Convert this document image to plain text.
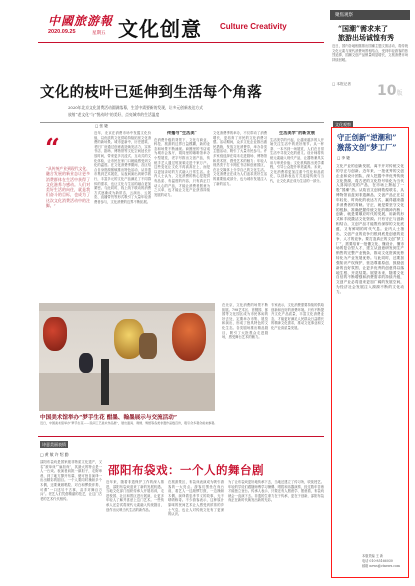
中國旅游報
2020.09.25	星期五 文化创意 Culture Creativity
文化的枝叶已延伸到生活每个角落
2020年北京文化消费活动圆满落幕，生活中需要新的发现，让多元创新表达方式
放射“老文化”与“悦动时”的美好，点亮城市的生活温度
□ 张 婕
“
“从传统产业到现代文化，融合发展的新业态让更多消费群体在生活中获得了文化滋养与感动。人们对美好生活的向往，就是我们奋斗的目标，也成为了这次文化消费活动中的注脚。”
近年，北京在消费市场中发掘文化价值，以优质的文化供给持续拓宽文化消费的新场景。城市更新中，历史建筑、老旧厂房通过创意改造焕发活力，实体书店、剧场、博物馆等文化空间延长开放时间，带来更多沉浸式、互动式的文化体验，让市民在家门口就能感受到文化的温度。在文化消费季期间，各区结合自身资源禀赋推出特色活动，从非遗市集到艺术展览，从夜间演出到研学旅行，丰富多元的文化产品满足了不同群体的需求，也让文化与生活的融合更加紧密。与此同时，线上线下联动的消费方式逐渐成为新常态，云演出、云展览、直播带货等形式吸引了大量年轻消费者参与，文化消费的边界不断拓展。
传播与“生活美”
在消费升级的背景下，文化与商业、科技、旅游的边界日益模糊，新的业态和场景不断涌现。商圈里的书店成为城市会客厅，胡同里的咖啡馆举办小型展览，老字号推出文创产品，传统手艺人通过短视频走进千家万户。这些变化让文化不再高高在上，而是以更加亲切的方式融入日常生活。业内人士认为，文化消费的核心是提供有品质、有温度的内容，只有真正打动人心的产品，才能让消费者愿意为之买单，也才能让文化产业获得持续发展的动力。
文化消费季的举办，不仅带动了消费增长，更培育了市民的文化消费习惯。活动期间，众多文化企业推出惠民措施，发放文化消费券，举办各类主题活动，吸引了大量市民参与。许多家庭选择在周末走进剧场、博物馆和美术馆，感受艺术的魅力；年轻人则热衷于打卡网红书店和创意园区，在社交媒体上分享自己的文化生活。文化消费正在成为人们追求美好生活的重要组成部分，也为城市发展注入了新的活力。
生活美学”的新发展
生活美学的兴起，让越来越多的人开始关注生活中的美好细节。从一杯茶、一本书到一场展览，人们在日常生活中寻找文化的意义。设计师将传统元素融入现代产品，让器物兼具实用与审美价值；文化机构推出美学课程，引导公众提升审美素养。未来，文化消费将更加注重个性化和品质化，以创新表达方式连接传统与当代，让文化真正成为生活的一部分。
中国美术馆举办“梦手生花 酣墨、翰墨展示与交流活动”
近日，中国美术馆举办“梦手生花——民间工艺美术作品展”，展出面具、刺绣、剪纸等各类非遗作品数百件，吸引众多观众前来参观。
在北京，文化消费的场景不断拓展。798艺术区、首钢园、郎园等文化园区成为市民休闲的好去处，定期举办市集、展览和演出，形成了独具特色的文化生态。各类剧场推出精品剧目，吸引了大批观众走进剧场，感受舞台艺术的魅力。
专家表示，文化消费需要持续的供给创新和良好的消费环境。只有不断提升文化产品质量，丰富文化消费业态，才能更好满足人民群众日益增长的精神文化需求，推动文化事业和文化产业高质量发展。
诗意美丽表情
□ 黄 敏 许 绍 勤
邵阳布袋戏：一个人的舞台剧
邵阳布袋戏是国家级非物质文化遗产，又名“被单戏”“扁担戏”，其最大的特点是一人一台戏。表演者肩挑一副担子，走街串巷，到了地方撑开布幕，便可独自演绎一出出精彩的剧目。一个人要同时操纵多个木偶，还要兼顾唱腔、对白和锣鼓伴奏，可谓“一口述尽千古事，双手对舞百万兵”。老艺人们凭借精湛的技艺，让这门古老的艺术代代相传。
近年来，随着非遗保护工作的深入推进，邵阳布袋戏迎来了新的发展机遇。当地文化部门组织传承人开展培训，走进校园、社区和景区进行展演，让更多年轻人了解并喜爱上这门艺术。一些传承人还尝试将现代元素融入传统剧目，创作出反映当代生活的新作品。
在旅游景区，布袋戏表演成为吸引游客的一大亮点。游客们围坐在戏台前，看艺人一边敲锣打鼓，一边操纵木偶，演绎着忠孝节义的故事，无不啧啧称奇。不少游客表示，这种原汁原味的民间艺术让人感受到浓浓的乡土气息，也让人对传统文化有了更深的认识。
为了让布袋戏更好地传承下去，当地还建立了传习所，收徒授艺。年轻的学徒们跟随师傅学习操偶、唱腔和乐器演奏，经过数年苦练才能独立登台。传承人表示，只要还有人愿意学、愿意看，布袋戏就会一直演下去。非遗的生命力在于传承，更在于创新，邵阳布袋戏正在新时代焕发出新的光彩。
聚焦观察
“国潮”需求来了
旅游出场诚惶有秀
近日，国内各地相继推出国潮主题文旅活动，将传统文化元素与现代消费场景相结合，受到年轻游客的热烈追捧，国潮文创产品销量明显增长，文旅消费市场持续回暖。
□ 本报记者 10版
文化观察
守正创新“逆潮和”
激荡文创“梦工厂”
□ 李 婕
文化产业的创新发展，离不开对传统文化的守正与创新。近年来，一批优秀的文创企业和设计团队，深入挖掘中华优秀传统文化资源，将古老的文化符号转化为当代人喜闻乐见的产品，在市场上掀起了一股“国潮”热。从故宫文创到敦煌联名，从博物馆盲盒到非遗潮品，文创产品正在以年轻化、时尚化的表达方式，赢得越来越多消费者的青睐。守正，就是要坚守文化的根脉，准确把握传统文化的精神内核；创新，就是要顺应时代的发展，用新的形式和手段激活文化资源。只有守正与创新相结合，文创产品才能既有深厚的文化底蕴，又有鲜明的时代气息。业内人士指出，文创产业的竞争归根到底是创意的竞争、人才的竞争。要打造真正的文创“梦工厂”，需要培育一批懂文化、懂设计、懂市场的复合型人才，建立从创意研发到生产销售的完整产业链条，推动文化资源优势转化为产业发展优势。与此同时，还要加强知识产权保护，营造尊重原创、鼓励创新的良好氛围，让更多优秀的创意得以落地生根、开花结果。展望未来，随着文化自信的不断增强和消费需求的持续升级，文创产业必将迎来更加广阔的发展空间，为经济社会发展注入源源不断的文化动力。
本版责编 王 新
电话 010-85166030
邮箱 news@ctnews.com
